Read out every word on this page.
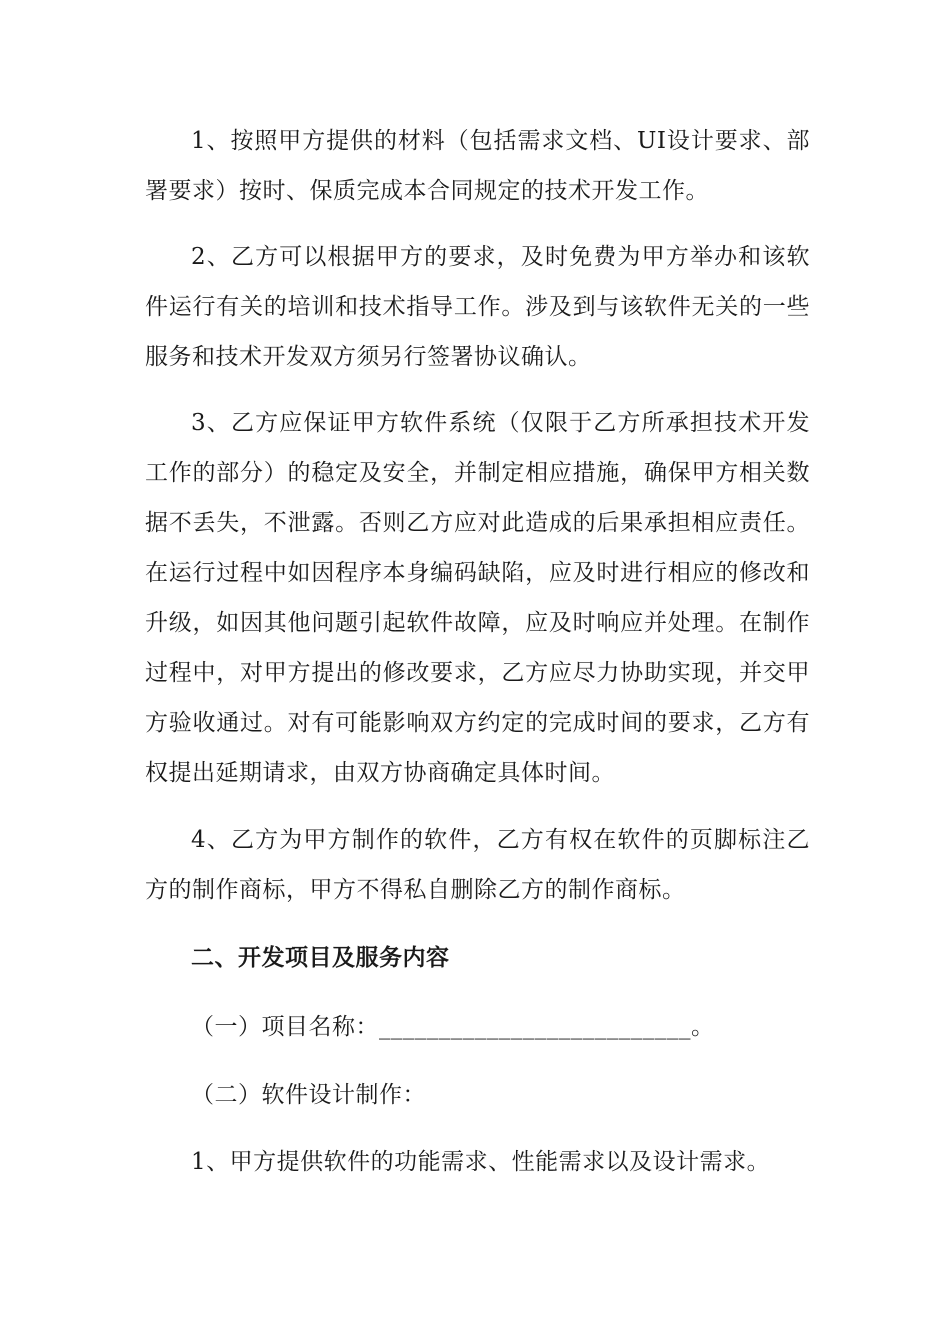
1、按照甲方提供的材料（包括需求文档、UI设计要求、部署要求）按时、保质完成本合同规定的技术开发工作。

2、乙方可以根据甲方的要求，及时免费为甲方举办和该软件运行有关的培训和技术指导工作。涉及到与该软件无关的一些服务和技术开发双方须另行签署协议确认。

3、乙方应保证甲方软件系统（仅限于乙方所承担技术开发工作的部分）的稳定及安全，并制定相应措施，确保甲方相关数据不丢失，不泄露。否则乙方应对此造成的后果承担相应责任。在运行过程中如因程序本身编码缺陷，应及时进行相应的修改和升级，如因其他问题引起软件故障，应及时响应并处理。在制作过程中，对甲方提出的修改要求，乙方应尽力协助实现，并交甲方验收通过。对有可能影响双方约定的完成时间的要求，乙方有权提出延期请求，由双方协商确定具体时间。

4、乙方为甲方制作的软件，乙方有权在软件的页脚标注乙方的制作商标，甲方不得私自删除乙方的制作商标。

二、开发项目及服务内容

（一）项目名称：__________________________。

（二）软件设计制作：

1、甲方提供软件的功能需求、性能需求以及设计需求。
